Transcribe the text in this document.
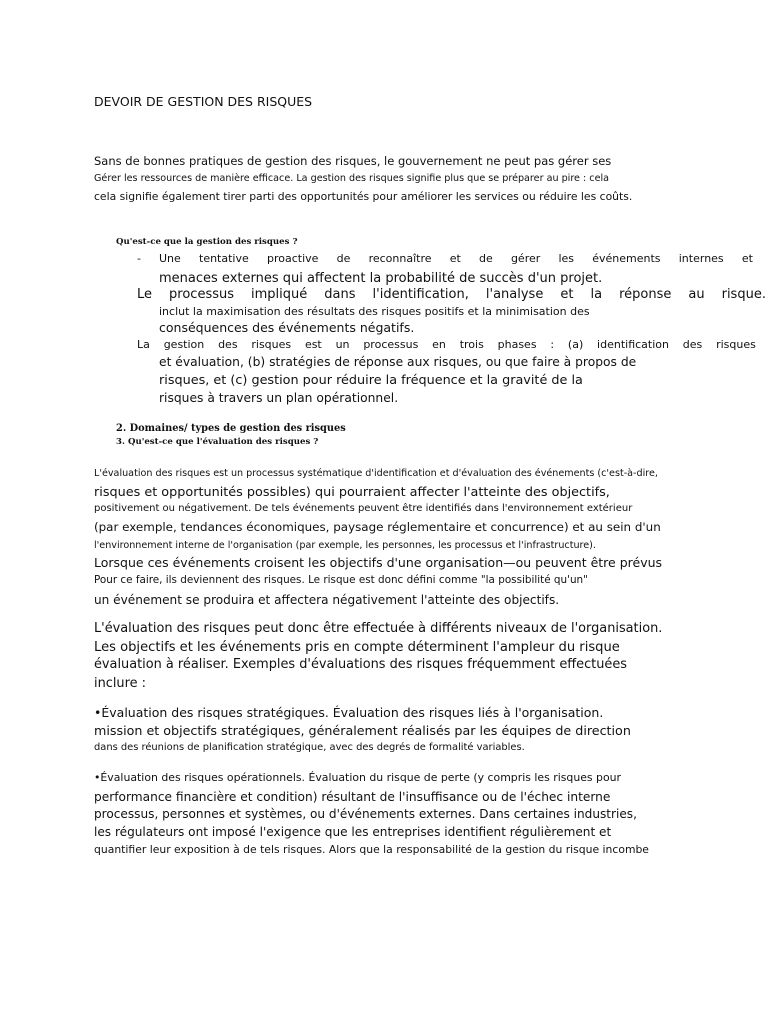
DEVOIR DE GESTION DES RISQUES
Sans de bonnes pratiques de gestion des risques, le gouvernement ne peut pas gérer ses
Gérer les ressources de manière efficace. La gestion des risques signifie plus que se préparer au pire : cela
cela signifie également tirer parti des opportunités pour améliorer les services ou réduire les coûts.
Qu'est-ce que la gestion des risques ?
- Une tentative proactive de reconnaître et de gérer les événements internes et
menaces externes qui affectent la probabilité de succès d'un projet.
Le processus impliqué dans l'identification, l'analyse et la réponse au risque.
inclut la maximisation des résultats des risques positifs et la minimisation des
conséquences des événements négatifs.
La gestion des risques est un processus en trois phases : (a) identification des risques
et évaluation, (b) stratégies de réponse aux risques, ou que faire à propos de
risques, et (c) gestion pour réduire la fréquence et la gravité de la
risques à travers un plan opérationnel.
2. Domaines/ types de gestion des risques
3. Qu'est-ce que l'évaluation des risques ?
L'évaluation des risques est un processus systématique d'identification et d'évaluation des événements (c'est-à-dire,
risques et opportunités possibles) qui pourraient affecter l'atteinte des objectifs,
positivement ou négativement. De tels événements peuvent être identifiés dans l'environnement extérieur
(par exemple, tendances économiques, paysage réglementaire et concurrence) et au sein d'un
l'environnement interne de l'organisation (par exemple, les personnes, les processus et l'infrastructure).
Lorsque ces événements croisent les objectifs d'une organisation—ou peuvent être prévus
Pour ce faire, ils deviennent des risques. Le risque est donc défini comme "la possibilité qu'un"
un événement se produira et affectera négativement l'atteinte des objectifs.
L'évaluation des risques peut donc être effectuée à différents niveaux de l'organisation.
Les objectifs et les événements pris en compte déterminent l'ampleur du risque
évaluation à réaliser. Exemples d'évaluations des risques fréquemment effectuées
inclure :
•Évaluation des risques stratégiques. Évaluation des risques liés à l'organisation.
mission et objectifs stratégiques, généralement réalisés par les équipes de direction
dans des réunions de planification stratégique, avec des degrés de formalité variables.
•Évaluation des risques opérationnels. Évaluation du risque de perte (y compris les risques pour
performance financière et condition) résultant de l'insuffisance ou de l'échec interne
processus, personnes et systèmes, ou d'événements externes. Dans certaines industries,
les régulateurs ont imposé l'exigence que les entreprises identifient régulièrement et
quantifier leur exposition à de tels risques. Alors que la responsabilité de la gestion du risque incombe
